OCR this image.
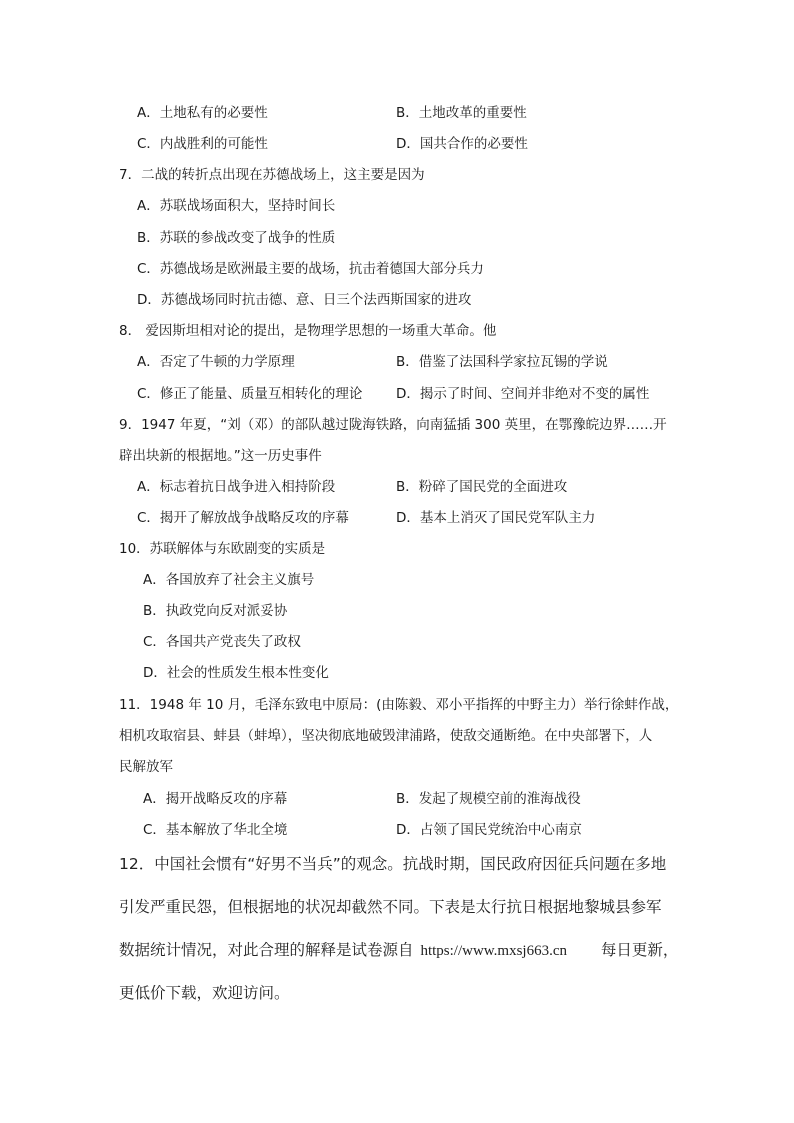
A．土地私有的必要性	B．土地改革的重要性
C．内战胜利的可能性	D．国共合作的必要性
7．二战的转折点出现在苏德战场上，这主要是因为
A．苏联战场面积大，坚持时间长
B．苏联的参战改变了战争的性质
C．苏德战场是欧洲最主要的战场，抗击着德国大部分兵力
D．苏德战场同时抗击德、意、日三个法西斯国家的进攻
8． 爱因斯坦相对论的提出，是物理学思想的一场重大革命。他
A．否定了牛顿的力学原理	B．借鉴了法国科学家拉瓦锡的学说
C．修正了能量、质量互相转化的理论 D．揭示了时间、空间并非绝对不变的属性
9．1947 年夏，“刘（邓）的部队越过陇海铁路，向南猛插 300 英里，在鄂豫皖边界……开
辟出块新的根据地。”这一历史事件
A．标志着抗日战争进入相持阶段	B．粉碎了国民党的全面进攻
C．揭开了解放战争战略反攻的序幕	D．基本上消灭了国民党军队主力
10．苏联解体与东欧剧变的实质是
A．各国放弃了社会主义旗号
B．执政党向反对派妥协
C．各国共产党丧失了政权
D．社会的性质发生根本性变化
11．1948 年 10 月，毛泽东致电中原局：(由陈毅、邓小平指挥的中野主力）举行徐蚌作战，
相机攻取宿县、蚌县（蚌埠），坚决彻底地破毁津浦路，使敌交通断绝。在中央部署下，人
民解放军
A．揭开战略反攻的序幕	B．发起了规模空前的淮海战役
C．基本解放了华北全境	D．占领了国民党统治中心南京
12．中国社会惯有“好男不当兵”的观念。抗战时期，国民政府因征兵问题在多地
引发严重民怨，但根据地的状况却截然不同。下表是太行抗日根据地黎城县参军
数据统计情况，对此合理的解释是试卷源自 https://www.mxsj663.cn 每日更新，
更低价下载，欢迎访问。
